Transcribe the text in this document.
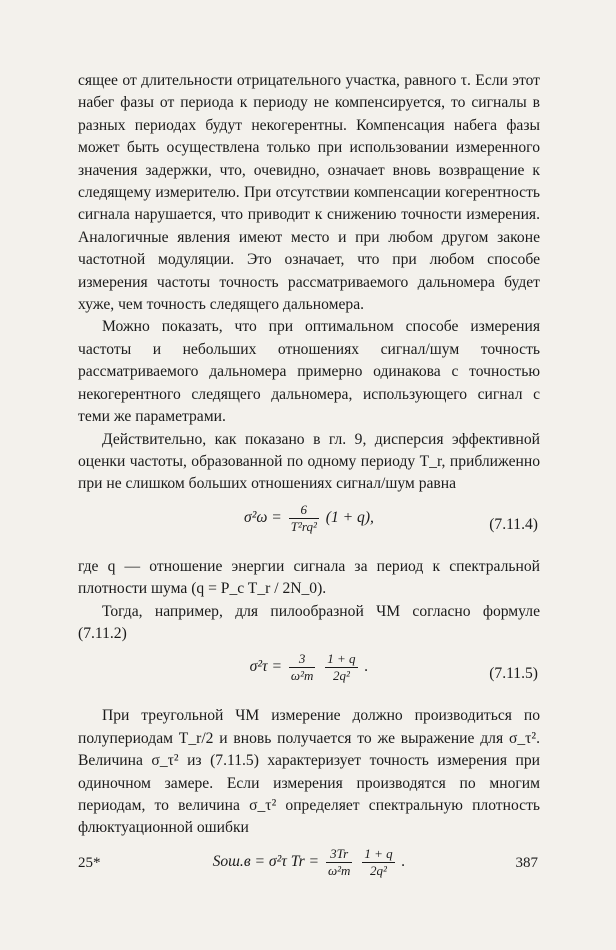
сящее от длительности отрицательного участка, равного τ. Если этот набег фазы от периода к периоду не компенсируется, то сигналы в разных периодах будут некогерентны. Компенсация набега фазы может быть осуществлена только при использовании измеренного значения задержки, что, очевидно, означает вновь возвращение к следящему измерителю. При отсутствии компенсации когерентность сигнала нарушается, что приводит к снижению точности измерения. Аналогичные явления имеют место и при любом другом законе частотной модуляции. Это означает, что при любом способе измерения частоты точность рассматриваемого дальномера будет хуже, чем точность следящего дальномера.

Можно показать, что при оптимальном способе измерения частоты и небольших отношениях сигнал/шум точность рассматриваемого дальномера примерно одинакова с точностью некогерентного следящего дальномера, использующего сигнал с теми же параметрами.

Действительно, как показано в гл. 9, дисперсия эффективной оценки частоты, образованной по одному периоду T_r, приближенно при не слишком больших отношениях сигнал/шум равна

$\sigma^2\omega = \frac{6}{\text{T²rq²}} (1 + q)$,	(7.11.4)

где q — отношение энергии сигнала за период к спектральной плотности шума (q = P_c T_r / 2N_0).

Тогда, например, для пилообразной ЧМ согласно формуле (7.11.2)

$\sigma^2\tau = \frac{3}{\text{ω²m}}$
$\frac{1 + q}{\text{2q²}}$ .	(7.11.5)

При треугольной ЧМ измерение должно производиться по полупериодам T_r/2 и вновь получается то же выражение для σ_τ². Величина σ_τ² из (7.11.5) характеризует точность измерения при одиночном замере. Если измерения производятся по многим периодам, то величина σ_τ² определяет спектральную плотность флюктуационной ошибки

Sош.в = σ²τ $Tr = \frac{3Tr}{\text{ω²m}}$
$\frac{1 + q}{\text{2q²}}$ .
25*	387
